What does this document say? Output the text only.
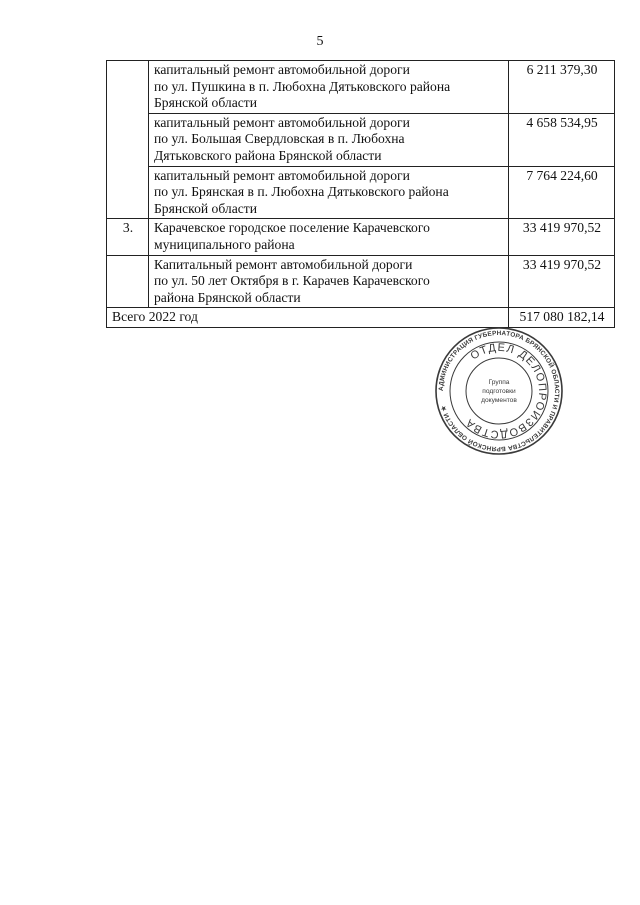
5

	капитальный ремонт автомобильной дороги
по ул. Пушкина в п. Любохна Дятьковского района
Брянской области	6 211 379,30

	капитальный ремонт автомобильной дороги
по ул. Большая Свердловская в п. Любохна
Дятьковского района Брянской области	4 658 534,95

	капитальный ремонт автомобильной дороги
по ул. Брянская в п. Любохна Дятьковского района
Брянской области	7 764 224,60
3.	Карачевское городское поселение Карачевского
муниципального района	33 419 970,52

	Капитальный ремонт автомобильной дороги
по ул. 50 лет Октября в г. Карачев Карачевского
района Брянской области	33 419 970,52
Всего 2022 год		517 080 182,14
АДМИНИСТРАЦИЯ ГУБЕРНАТОРА БРЯНСКОЙ ОБЛАСТИ И ПРАВИТЕЛЬСТВА БРЯНСКОЙ ОБЛАСТИ ★
ОТДЕЛ ДЕЛОПРОИЗВОДСТВА
Группа
подготовки
документов
